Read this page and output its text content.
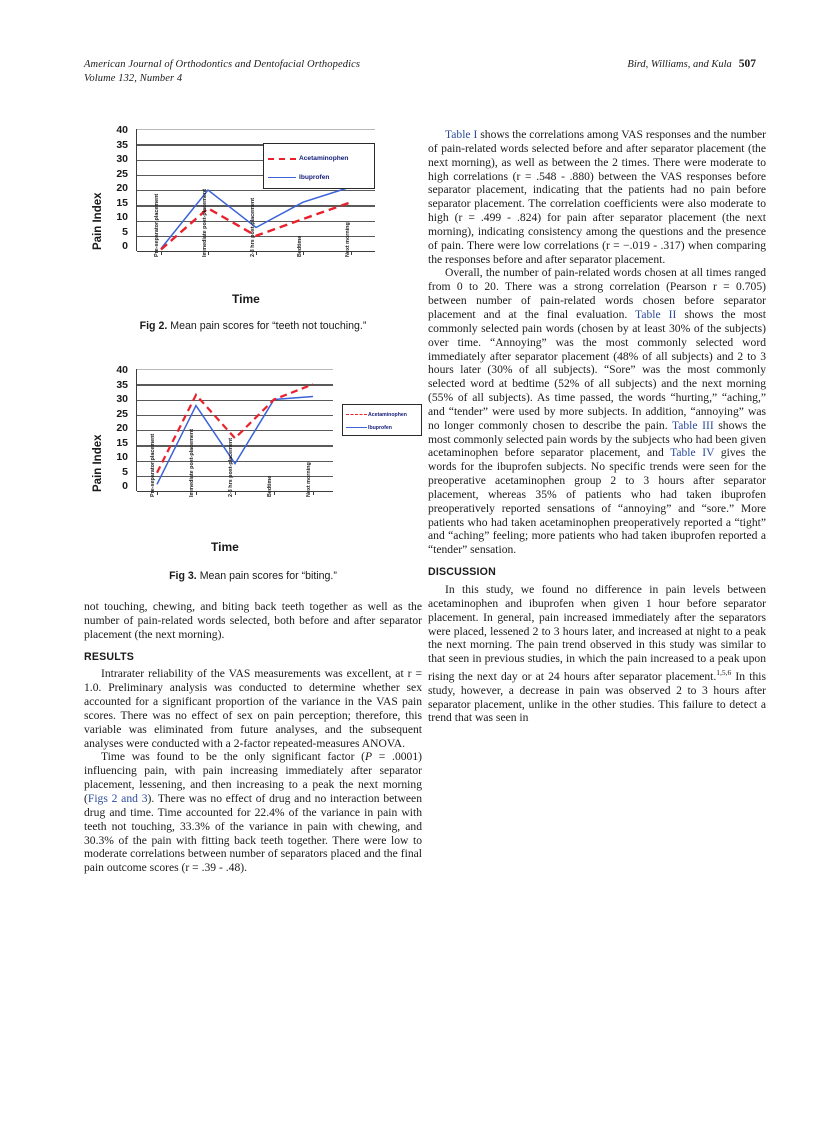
American Journal of Orthodontics and Dentofacial Orthopedics
Volume 132, Number 4
Bird, Williams, and Kula 507
Pain Index
40
35
30
25
20
15
10
5
0
Acetaminophen
Ibuprofen
Pre-separator placement	Immediate post-placement	2-3 hrs post-placement	Bedtime	Next morning
Time
Fig 2. Mean pain scores for “teeth not touching.”
Pain Index
40
35
30
25
20
15
10
5
0
Acetaminophen
Ibuprofen
Pre-separator placement	Immediate post-placement	2-3 hrs post-placement	Bedtime	Next morning
Time
Fig 3. Mean pain scores for “biting.”

not touching, chewing, and biting back teeth together as well as the number of pain-related words selected, both before and after separator placement (the next morning).

RESULTS

Intrarater reliability of the VAS measurements was excellent, at r = 1.0. Preliminary analysis was conducted to determine whether sex accounted for a significant proportion of the variance in the VAS pain scores. There was no effect of sex on pain perception; therefore, this variable was eliminated from future analyses, and the subsequent analyses were conducted with a 2-factor repeated-measures ANOVA.

Time was found to be the only significant factor (P = .0001) influencing pain, with pain increasing immediately after separator placement, lessening, and then increasing to a peak the next morning (Figs 2 and 3). There was no effect of drug and no interaction between drug and time. Time accounted for 22.4% of the variance in pain with teeth not touching, 33.3% of the variance in pain with chewing, and 30.3% of the pain with fitting back teeth together. There were low to moderate correlations between number of separators placed and the final pain outcome scores (r = .39 - .48).

Table I shows the correlations among VAS responses and the number of pain-related words selected before and after separator placement (the next morning), as well as between the 2 times. There were moderate to high correlations (r = .548 - .880) between the VAS responses before separator placement, indicating that the patients had no pain before separator placement. The correlation coefficients were also moderate to high (r = .499 - .824) for pain after separator placement (the next morning), indicating consistency among the questions and the presence of pain. There were low correlations (r = −.019 - .317) when comparing the responses before and after separator placement.

Overall, the number of pain-related words chosen at all times ranged from 0 to 20. There was a strong correlation (Pearson r = 0.705) between number of pain-related words chosen before separator placement and at the final evaluation. Table II shows the most commonly selected pain words (chosen by at least 30% of the subjects) over time. “Annoying” was the most commonly selected word immediately after separator placement (48% of all subjects) and 2 to 3 hours later (30% of all subjects). “Sore” was the most commonly selected word at bedtime (52% of all subjects) and the next morning (55% of all subjects). As time passed, the words “hurting,” “aching,” and “tender” were used by more subjects. In addition, “annoying” was no longer commonly chosen to describe the pain. Table III shows the most commonly selected pain words by the subjects who had been given acetaminophen before separator placement, and Table IV gives the words for the ibuprofen subjects. No specific trends were seen for the preoperative acetaminophen group 2 to 3 hours after separator placement, whereas 35% of patients who had taken ibuprofen preoperatively reported sensations of “annoying” and “sore.” More patients who had taken acetaminophen preoperatively reported a “tight” and “aching” feeling; more patients who had taken ibuprofen reported a “tender” sensation.

DISCUSSION

In this study, we found no difference in pain levels between acetaminophen and ibuprofen when given 1 hour before separator placement. In general, pain increased immediately after the separators were placed, lessened 2 to 3 hours later, and increased at night to a peak the next morning. The pain trend observed in this study was similar to that seen in previous studies, in which the pain increased to a peak upon rising the next day or at 24 hours after separator placement.$^{1,5,6}$ In this study, however, a decrease in pain was observed 2 to 3 hours after separator placement, unlike in the other studies. This failure to detect a trend that was seen in
